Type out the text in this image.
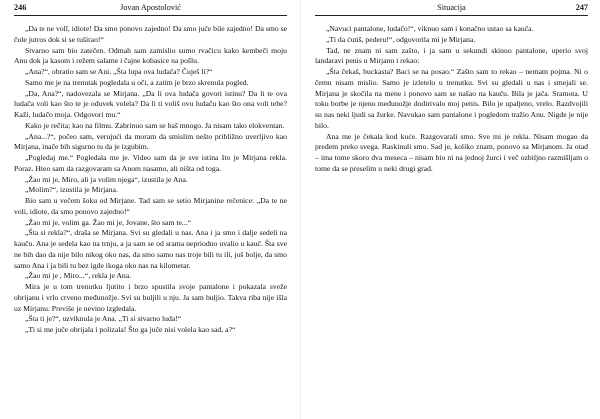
246	Jovan Apostolović

„Da te ne volī, idiote! Da smo ponovo zajedno! Da smo juče bile zajedno! Da smo se čule jutros dok si se tuširao!“

Stvarno sam bio zatečen. Odmah sam zamislio sumo rvačicu kako kembeči moju Anu dok ja kasom i režem salame i čajne kobasice na pošlu.

„Ana?“, obratio sam se Ani. „Šta lupa ova ludača? Čuješ li?“

Samo me je na trenutak pogledala u oči, a zatim je brzo skrenula pogled.

„Da, Ana?“, nadovezala se Mirjana. „Da li ova ludača govori istinu? Da li te ova ludača voli kao što te je oduvek volela? Da li ti voliš ovu ludaču kao što ona voli tebe? Kaži, ludačo moja. Odgovori mu.“

Kako je rečita; kao na filmu. Zabrinuo sam se baš mnogo. Ja nisam tako elokventan.

„Ana...?“, počeo sam, verujući da moram da smislim nešto približno uverljivo kao Mirjana, inače bih sigurno tu da je izgubim.

„Pogledaj me.“ Pogledala me je. Video sam da je sve istina što je Mirjana rekla. Poraz. Hteo sam da razgovaram sa Anom nasamo, ali ništa od toga.

„Žao mi je, Miro, ali ja volim njega“, izustila je Ana.

„Molim?“, izustila je Mirjana.

Bio sam u večem šoku od Mirjane. Tad sam se setio Mirjanine rečenice: „Da te ne voli, idiote, da smo ponovo zajedno!“

„Žao mi je, volim ga. Žao mi je, Jovane, što sam te...“

„Šta si rekla?“, draša se Mirjana. Svi su gledali u nas. Ana i ja smo i dalje sedeli na kauču. Ana je sedela kao na trnju, a ja sam se od srama nepriodno uvalio u kauč. Šta sve ne bih dao da nije bilo nikog oko nas, da smo samo nas troje bili tu ili, još bolje, da smo samo Ana i ja bili tu bez igde ikoga oko nas na kilometar.

„Žao mi je , Miro...“, rekla je Ana.

Mira je u tom trenutku ljutito i brzo spustila svoje pantalone i pokazala sveže obrijanu i vrlo crveno međunožje. Svi su buljili u nju. Ja sam buljio. Takva riba nije išla uz Mirjanu. Previše je nevino izgledala.

„Šta ti je?“, uzviknula je Ana. „Ti si stvarno luda!“

„Ti si me juče obrijala i polizala! Što ga juče nisi volela kao sad, a?“

Situacija	247

„Navuci pantalone, ludačo!“, viknuo sam i konačno ustao sa kauča.

„Ti da ćutiš, pederu!“, odgovorila mi je Mirjana.

Tad, ne znam ni sam zašto, i ja sam u sekundi skinuo pantalone, uperio svoj landaravi penis u Mirjanu i rekao:

„Šta čekaš, buckasta? Baci se na posao.“ Zašto sam to rekao – nemam pojma. Ni o čemu nisam mislio. Samo je izletelo u trenutku. Svi su gledali u nas i smejali se. Mirjana je skočila na mene i ponovo sam se našao na kauču. Bila je jača. Sramota. U toku borbe je njeno međunožje dodirivalo moj penis. Bilo je upaljeno, vrelo. Razdvojili su nas neki ljudi sa žurke. Navukao sam pantalone i pogledom tražio Anu. Nigde je nije bilo.

Ana me je čekala kod kuće. Razgovarali smo. Sve mi je rekla. Nisam mogao da pređem preko svega. Raskinuli smo. Sad je, koliko znam, ponovo sa Mirjanom. Ja otad – ima tome skoro dva meseca – nisam bio ni na jednoj žurci i več ozbiljno razmišljam o tome da se preselim u neki drugi grad.
